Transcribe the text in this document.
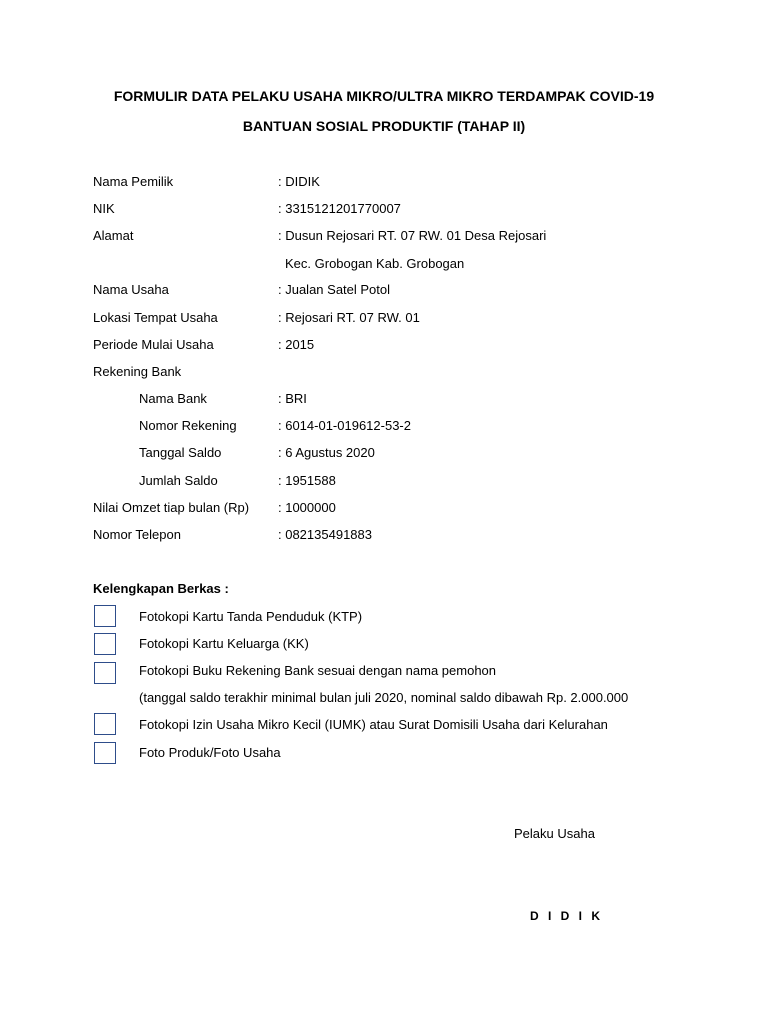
FORMULIR DATA PELAKU USAHA MIKRO/ULTRA MIKRO TERDAMPAK COVID-19
BANTUAN SOSIAL PRODUKTIF (TAHAP II)
Nama Pemilik	: DIDIK
NIK	: 3315121201770007
Alamat	: Dusun Rejosari RT. 07 RW. 01 Desa Rejosari
Kec. Grobogan Kab. Grobogan
Nama Usaha	: Jualan Satel Potol
Lokasi Tempat Usaha	: Rejosari RT. 07 RW. 01
Periode Mulai Usaha	: 2015
Rekening Bank
Nama Bank	: BRI
Nomor Rekening	: 6014-01-019612-53-2
Tanggal Saldo	: 6 Agustus 2020
Jumlah Saldo	: 1951588
Nilai Omzet tiap bulan (Rp) : 1000000
Nomor Telepon	: 082135491883
Kelengkapan Berkas :
Fotokopi Kartu Tanda Penduduk (KTP)
Fotokopi Kartu Keluarga (KK)
Fotokopi Buku Rekening Bank sesuai dengan nama pemohon
(tanggal saldo terakhir minimal bulan juli 2020, nominal saldo dibawah Rp. 2.000.000
Fotokopi Izin Usaha Mikro Kecil (IUMK) atau Surat Domisili Usaha dari Kelurahan
Foto Produk/Foto Usaha
Pelaku Usaha
D I D I K
